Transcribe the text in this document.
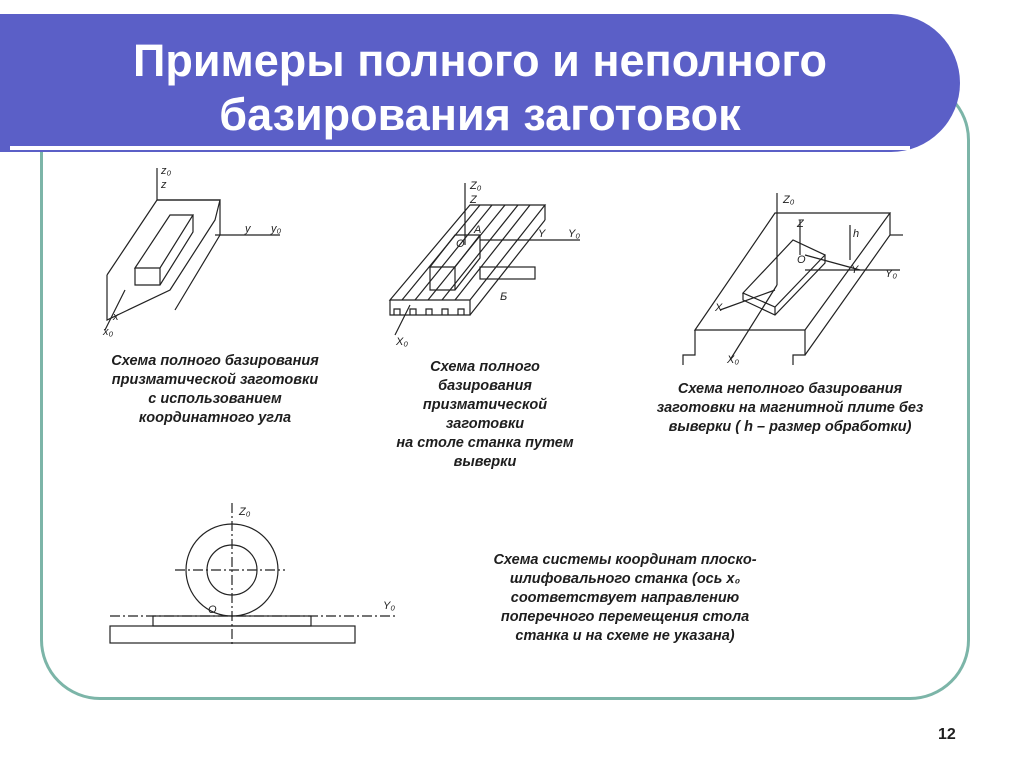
Примеры полного и неполного базирования заготовок
z₀
z
y y₀
x
x₀

Схема полного базирования
призматической заготовки
с использованием
координатного угла

Z₀
Z
Y Y₀
X₀
A
O
Б

Схема полного
базирования
призматической
заготовки
на столе станка путем
выверки

Z₀
Z
h
Y Y₀
X
X₀
O

Схема неполного базирования
заготовки на магнитной плите без
выверки ( h – размер обработки)

Z₀
Y₀
O

Схема системы координат плоско-
шлифовального станка (ось x₀
соответствует направлению
поперечного перемещения стола
станка и на схеме не указана)

12
